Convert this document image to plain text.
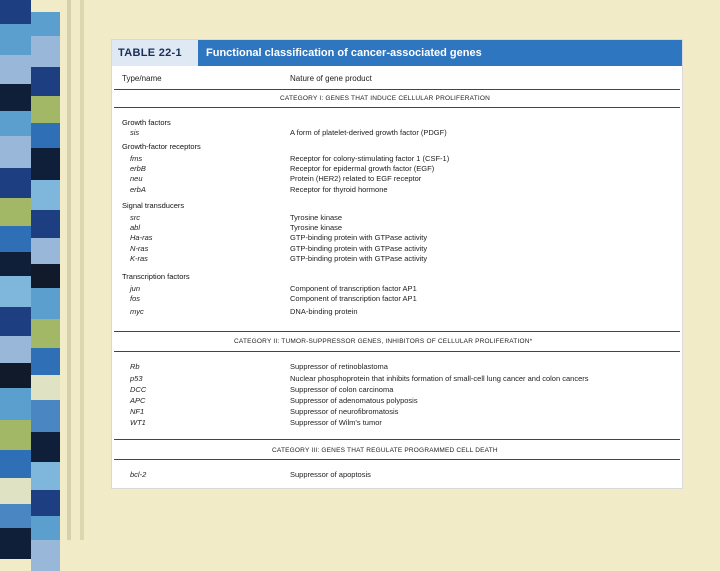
TABLE 22-1	Functional classification of cancer-associated genes
Type/name	Nature of gene product
CATEGORY I: GENES THAT INDUCE CELLULAR PROLIFERATION
Growth factors
sis	A form of platelet-derived growth factor (PDGF)
Growth-factor receptors
fms	Receptor for colony-stimulating factor 1 (CSF-1)
erbB	Receptor for epidermal growth factor (EGF)
neu	Protein (HER2) related to EGF receptor
erbA	Receptor for thyroid hormone
Signal transducers
src	Tyrosine kinase
abl	Tyrosine kinase
Ha-ras	GTP-binding protein with GTPase activity
N-ras	GTP-binding protein with GTPase activity
K-ras	GTP-binding protein with GTPase activity
Transcription factors
jun	Component of transcription factor AP1
fos	Component of transcription factor AP1
myc	DNA-binding protein
CATEGORY II: TUMOR-SUPPRESSOR GENES, INHIBITORS OF CELLULAR PROLIFERATION*
Rb	Suppressor of retinoblastoma
p53	Nuclear phosphoprotein that inhibits formation of small-cell lung cancer and colon cancers
DCC	Suppressor of colon carcinoma
APC	Suppressor of adenomatous polyposis
NF1	Suppressor of neurofibromatosis
WT1	Suppressor of Wilm's tumor
CATEGORY III: GENES THAT REGULATE PROGRAMMED CELL DEATH
bcl-2	Suppressor of apoptosis
